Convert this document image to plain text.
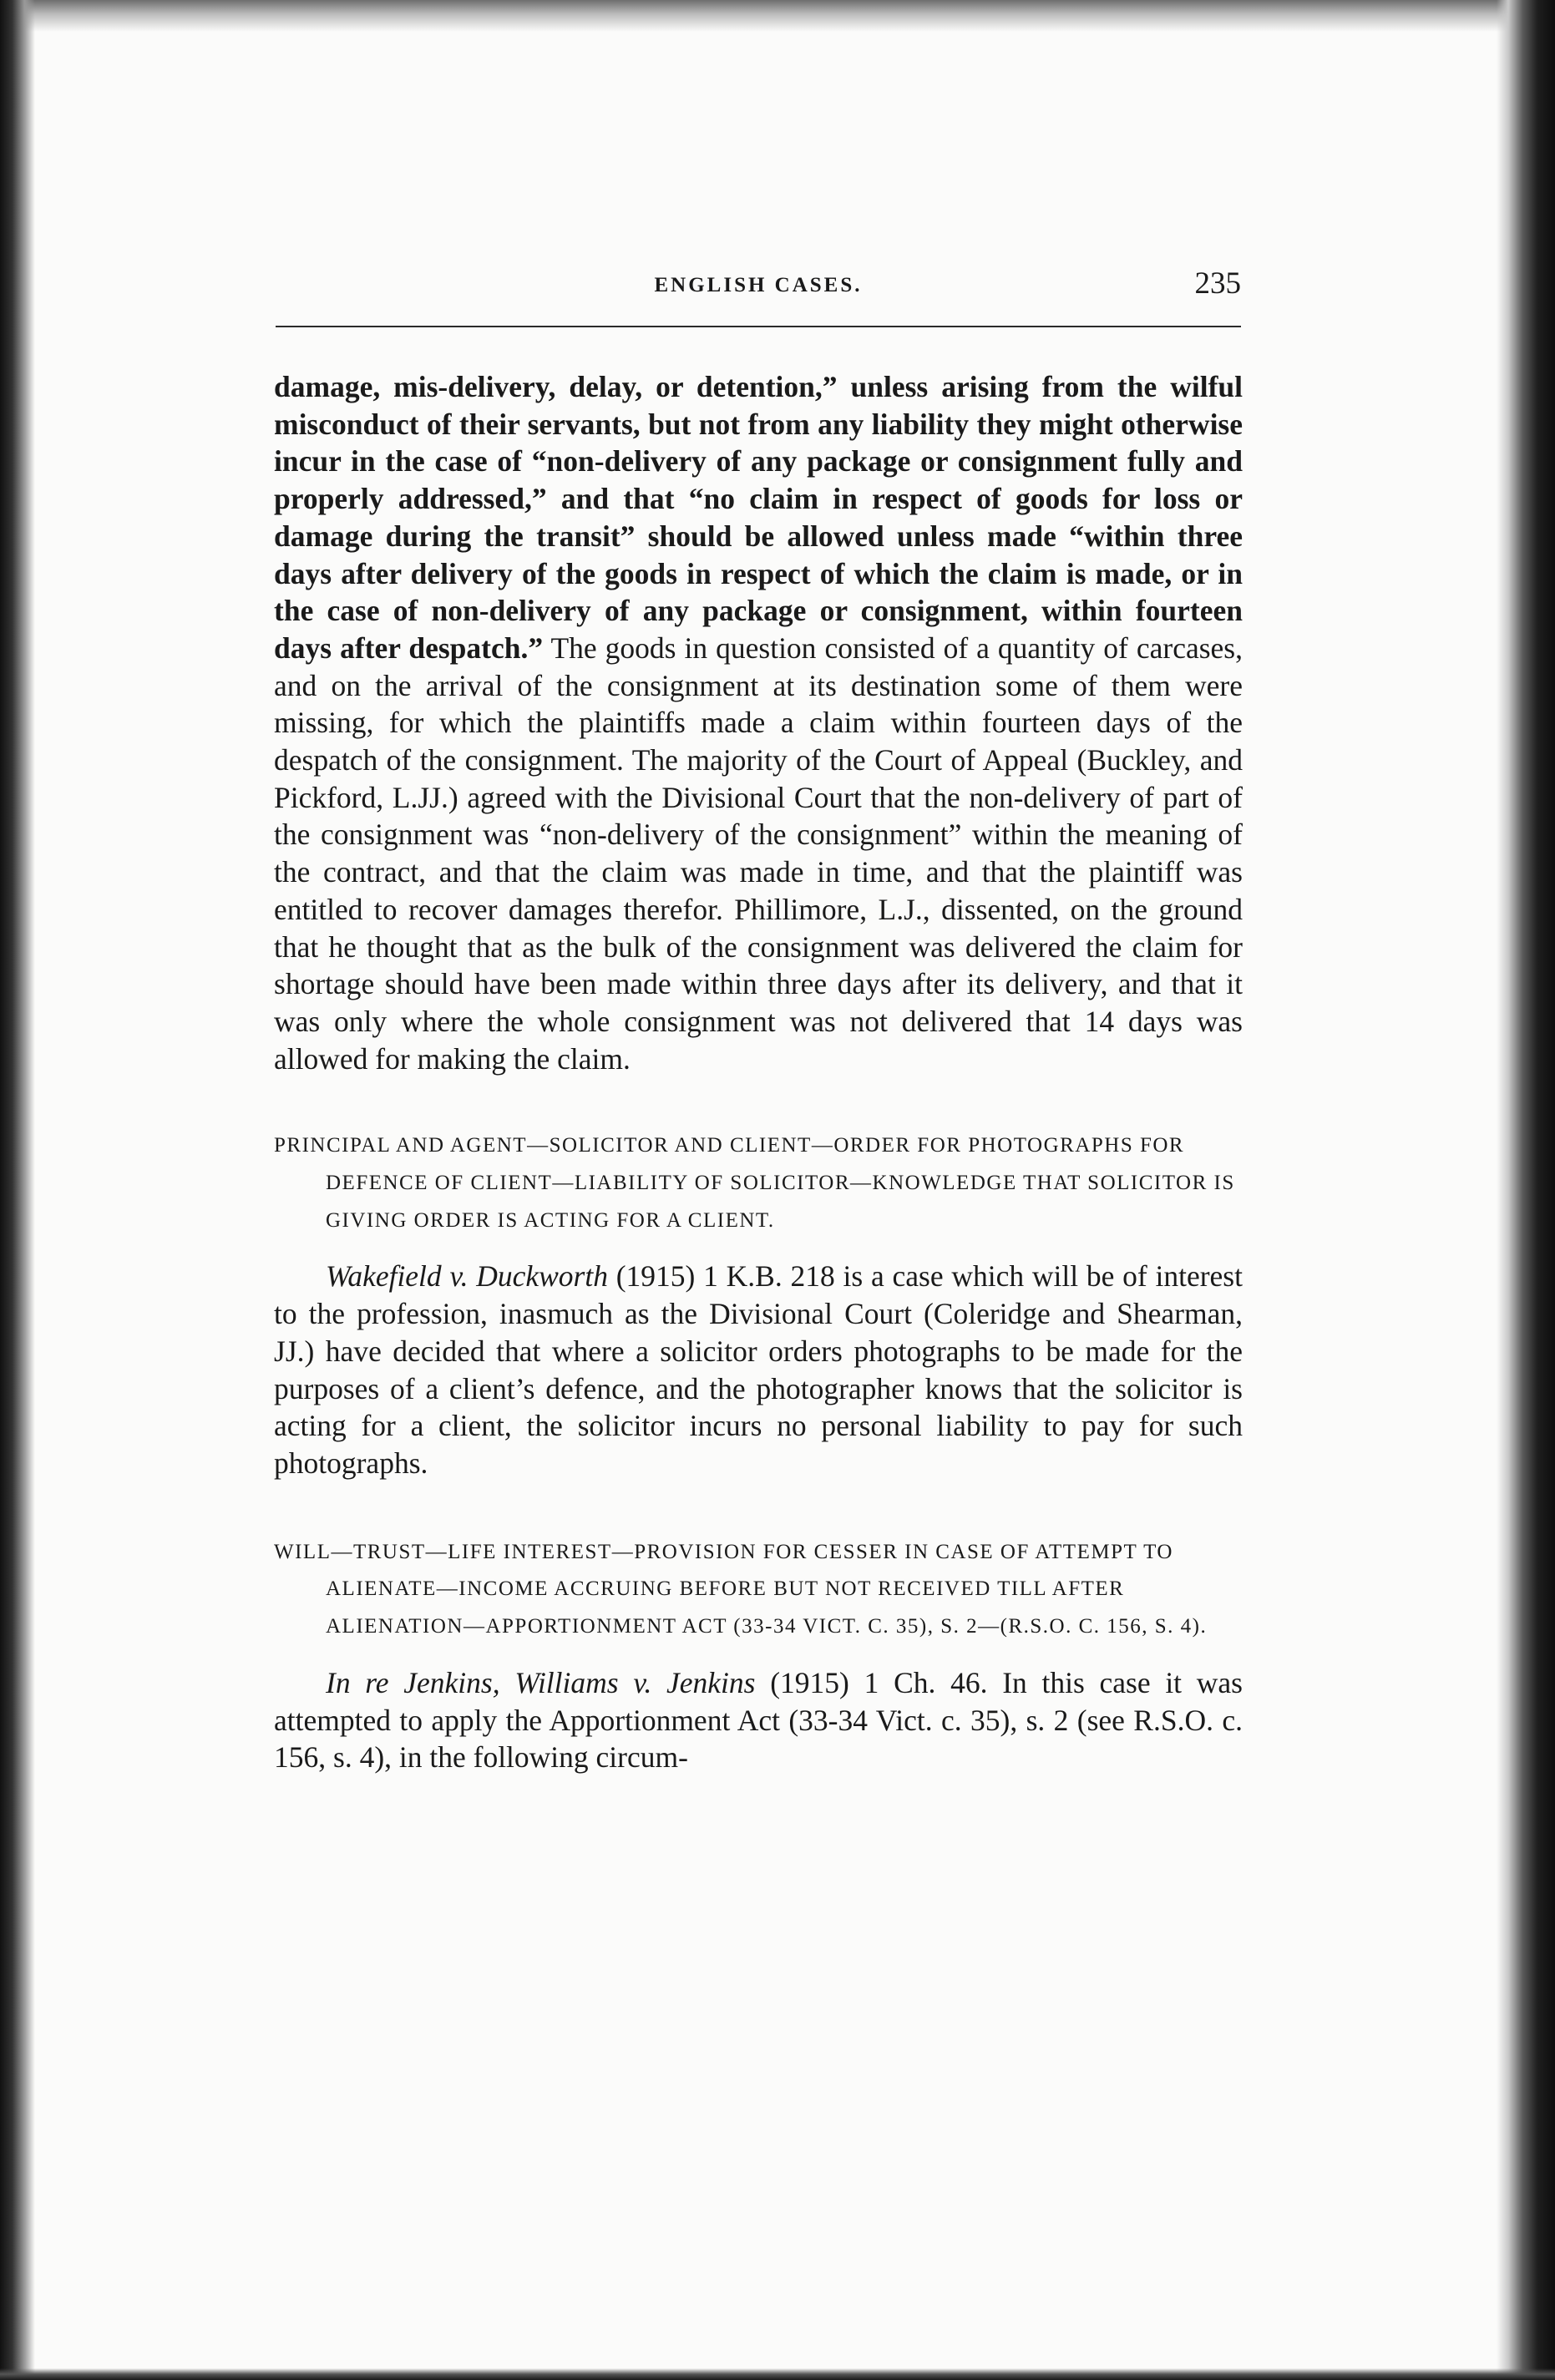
ENGLISH CASES.	235

damage, mis-delivery, delay, or detention,” unless arising from the wilful misconduct of their servants, but not from any liability they might otherwise incur in the case of “non-delivery of any package or consignment fully and properly addressed,” and that “no claim in respect of goods for loss or damage during the transit” should be allowed unless made “within three days after delivery of the goods in respect of which the claim is made, or in the case of non-delivery of any package or consignment, within fourteen days after despatch.” The goods in question consisted of a quantity of carcases, and on the arrival of the consignment at its destination some of them were missing, for which the plaintiffs made a claim within fourteen days of the despatch of the consignment. The majority of the Court of Appeal (Buckley, and Pickford, L.JJ.) agreed with the Divisional Court that the non-delivery of part of the consignment was “non-delivery of the consignment” within the meaning of the contract, and that the claim was made in time, and that the plaintiff was entitled to recover damages therefor. Phillimore, L.J., dissented, on the ground that he thought that as the bulk of the consignment was delivered the claim for shortage should have been made within three days after its delivery, and that it was only where the whole consignment was not delivered that 14 days was allowed for making the claim.

PRINCIPAL AND AGENT—SOLICITOR AND CLIENT—ORDER FOR PHOTOGRAPHS FOR DEFENCE OF CLIENT—LIABILITY OF SOLICITOR—KNOWLEDGE THAT SOLICITOR IS GIVING ORDER IS ACTING FOR A CLIENT.

Wakefield v. Duckworth (1915) 1 K.B. 218 is a case which will be of interest to the profession, inasmuch as the Divisional Court (Coleridge and Shearman, JJ.) have decided that where a solicitor orders photographs to be made for the purposes of a client’s defence, and the photographer knows that the solicitor is acting for a client, the solicitor incurs no personal liability to pay for such photographs.

WILL—TRUST—LIFE INTEREST—PROVISION FOR CESSER IN CASE OF ATTEMPT TO ALIENATE—INCOME ACCRUING BEFORE BUT NOT RECEIVED TILL AFTER ALIENATION—APPORTIONMENT ACT (33-34 VICT. C. 35), S. 2—(R.S.O. C. 156, S. 4).

In re Jenkins, Williams v. Jenkins (1915) 1 Ch. 46. In this case it was attempted to apply the Apportionment Act (33-34 Vict. c. 35), s. 2 (see R.S.O. c. 156, s. 4), in the following circum-
